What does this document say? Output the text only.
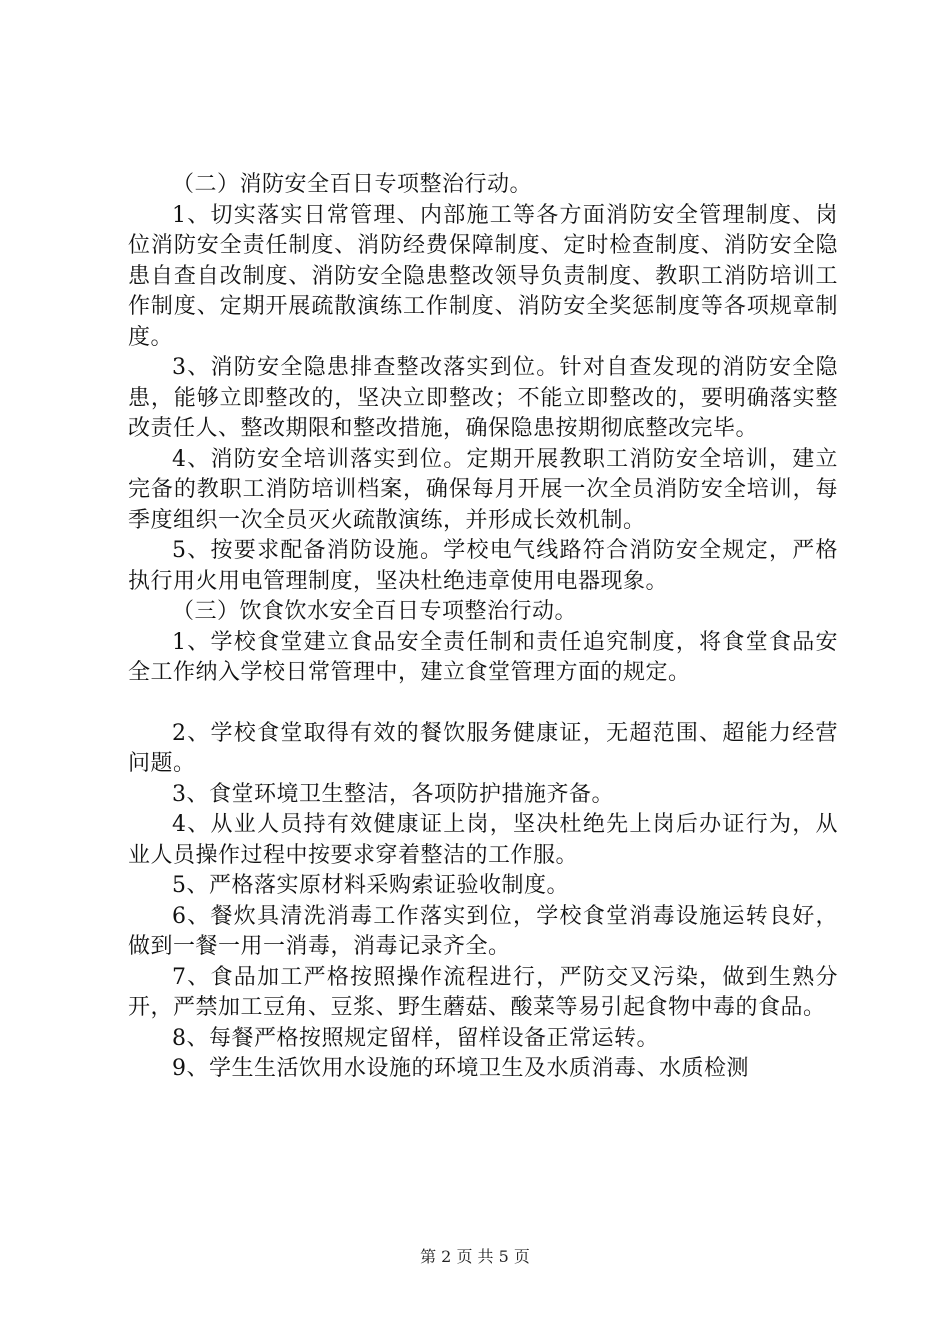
（二）消防安全百日专项整治行动。

1、切实落实日常管理、内部施工等各方面消防安全管理制度、岗位消防安全责任制度、消防经费保障制度、定时检查制度、消防安全隐患自查自改制度、消防安全隐患整改领导负责制度、教职工消防培训工作制度、定期开展疏散演练工作制度、消防安全奖惩制度等各项规章制度。

3、消防安全隐患排查整改落实到位。针对自查发现的消防安全隐患，能够立即整改的，坚决立即整改；不能立即整改的，要明确落实整改责任人、整改期限和整改措施，确保隐患按期彻底整改完毕。

4、消防安全培训落实到位。定期开展教职工消防安全培训，建立完备的教职工消防培训档案，确保每月开展一次全员消防安全培训，每季度组织一次全员灭火疏散演练，并形成长效机制。

5、按要求配备消防设施。学校电气线路符合消防安全规定，严格执行用火用电管理制度，坚决杜绝违章使用电器现象。

（三）饮食饮水安全百日专项整治行动。

1、学校食堂建立食品安全责任制和责任追究制度，将食堂食品安全工作纳入学校日常管理中，建立食堂管理方面的规定。

2、学校食堂取得有效的餐饮服务健康证，无超范围、超能力经营问题。

3、食堂环境卫生整洁，各项防护措施齐备。

4、从业人员持有效健康证上岗，坚决杜绝先上岗后办证行为，从业人员操作过程中按要求穿着整洁的工作服。

5、严格落实原材料采购索证验收制度。

6、餐炊具清洗消毒工作落实到位，学校食堂消毒设施运转良好，做到一餐一用一消毒，消毒记录齐全。

7、食品加工严格按照操作流程进行，严防交叉污染，做到生熟分开，严禁加工豆角、豆浆、野生蘑菇、酸菜等易引起食物中毒的食品。

8、每餐严格按照规定留样，留样设备正常运转。

9、学生生活饮用水设施的环境卫生及水质消毒、水质检测

第 2 页 共 5 页
